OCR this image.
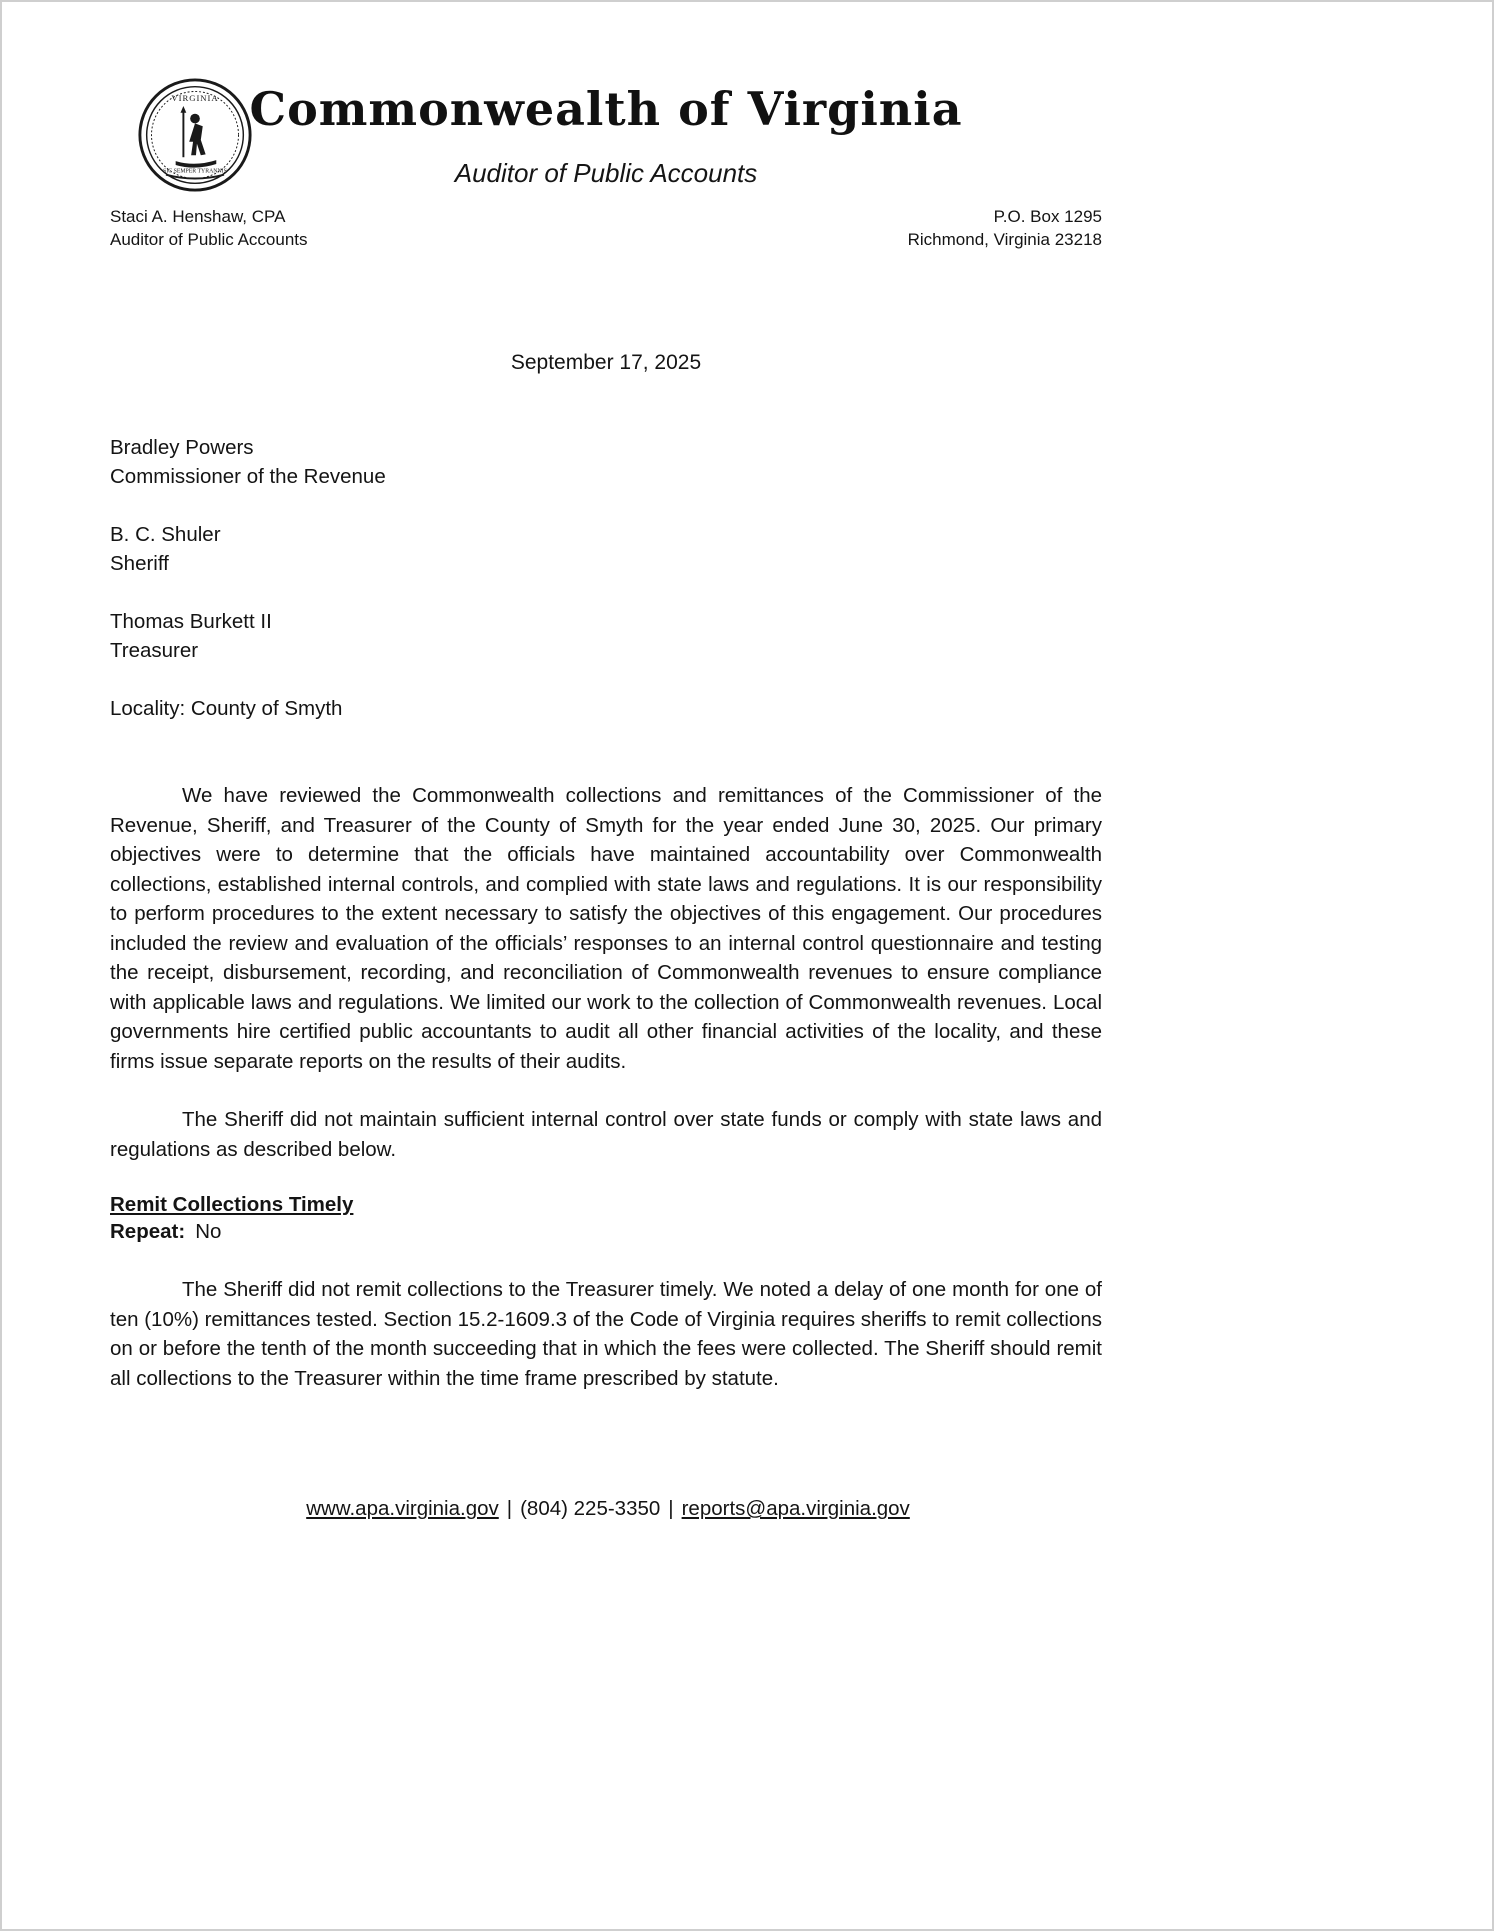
VIRGINIA
SIC SEMPER TYRANNIS
Commonwealth of Virginia
Auditor of Public Accounts
Staci A. Henshaw, CPA
Auditor of Public Accounts
P.O. Box 1295
Richmond, Virginia 23218
September 17, 2025
Bradley Powers
Commissioner of the Revenue
B. C. Shuler
Sheriff
Thomas Burkett II
Treasurer
Locality: County of Smyth

We have reviewed the Commonwealth collections and remittances of the Commissioner of the Revenue, Sheriff, and Treasurer of the County of Smyth for the year ended June 30, 2025. Our primary objectives were to determine that the officials have maintained accountability over Commonwealth collections, established internal controls, and complied with state laws and regulations. It is our responsibility to perform procedures to the extent necessary to satisfy the objectives of this engagement. Our procedures included the review and evaluation of the officials’ responses to an internal control questionnaire and testing the receipt, disbursement, recording, and reconciliation of Commonwealth revenues to ensure compliance with applicable laws and regulations. We limited our work to the collection of Commonwealth revenues. Local governments hire certified public accountants to audit all other financial activities of the locality, and these firms issue separate reports on the results of their audits.

The Sheriff did not maintain sufficient internal control over state funds or comply with state laws and regulations as described below.

Remit Collections Timely
Repeat: No

The Sheriff did not remit collections to the Treasurer timely. We noted a delay of one month for one of ten (10%) remittances tested. Section 15.2-1609.3 of the Code of Virginia requires sheriffs to remit collections on or before the tenth of the month succeeding that in which the fees were collected. The Sheriff should remit all collections to the Treasurer within the time frame prescribed by statute.

www.apa.virginia.gov | (804) 225-3350 | reports@apa.virginia.gov
